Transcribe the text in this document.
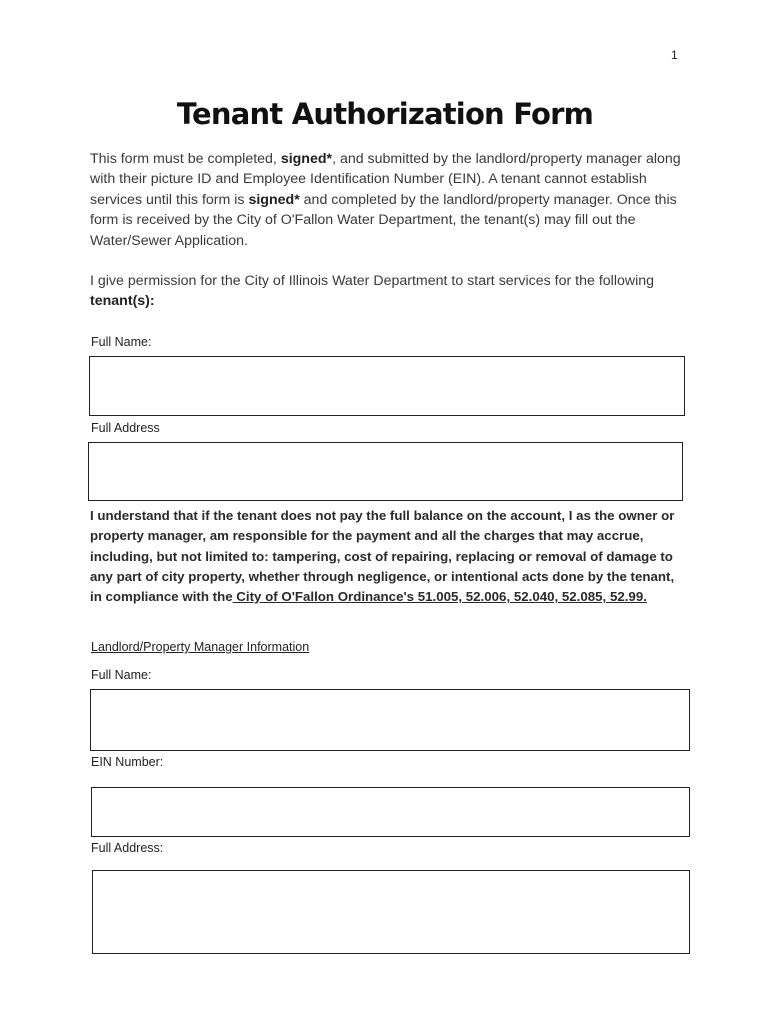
1
Tenant Authorization Form

This form must be completed, signed*, and submitted by the landlord/property manager along with their picture ID and Employee Identification Number (EIN). A tenant cannot establish services until this form is signed* and completed by the landlord/property manager. Once this form is received by the City of O'Fallon Water Department, the tenant(s) may fill out the Water/Sewer Application.

I give permission for the City of Illinois Water Department to start services for the following tenant(s):

Full Name:
Full Address

I understand that if the tenant does not pay the full balance on the account, I as the owner or property manager, am responsible for the payment and all the charges that may accrue, including, but not limited to: tampering, cost of repairing, replacing or removal of damage to any part of city property, whether through negligence, or intentional acts done by the tenant, in compliance with the City of O'Fallon Ordinance's 51.005, 52.006, 52.040, 52.085, 52.99.

Landlord/Property Manager Information
Full Name:
EIN Number:
Full Address:
